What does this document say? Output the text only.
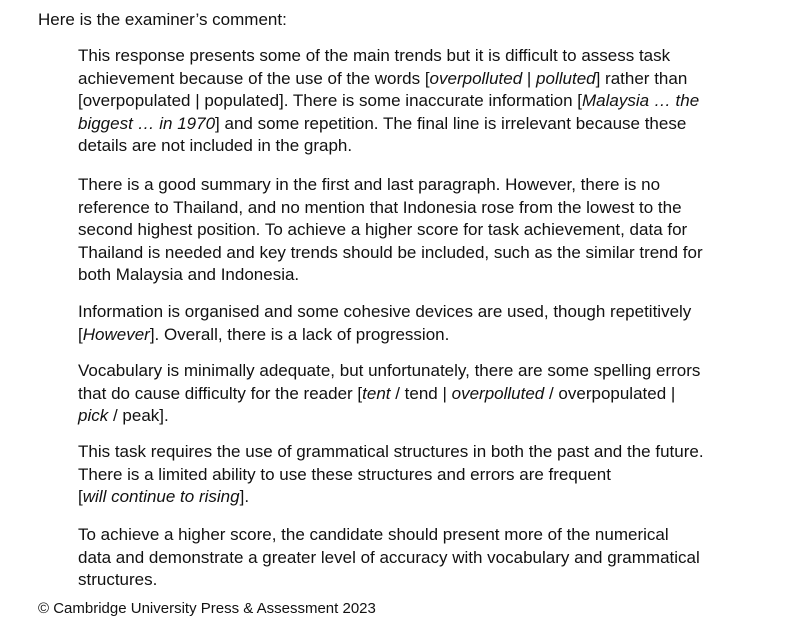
Here is the examiner’s comment:

This response presents some of the main trends but it is difficult to assess task
achievement because of the use of the words [overpolluted | polluted] rather than
[overpopulated | populated]. There is some inaccurate information [Malaysia … the
biggest … in 1970] and some repetition. The final line is irrelevant because these
details are not included in the graph.

There is a good summary in the first and last paragraph. However, there is no
reference to Thailand, and no mention that Indonesia rose from the lowest to the
second highest position. To achieve a higher score for task achievement, data for
Thailand is needed and key trends should be included, such as the similar trend for
both Malaysia and Indonesia.

Information is organised and some cohesive devices are used, though repetitively
[However]. Overall, there is a lack of progression.

Vocabulary is minimally adequate, but unfortunately, there are some spelling errors
that do cause difficulty for the reader [tent / tend | overpolluted / overpopulated |
pick / peak].

This task requires the use of grammatical structures in both the past and the future.
There is a limited ability to use these structures and errors are frequent
[will continue to rising].

To achieve a higher score, the candidate should present more of the numerical
data and demonstrate a greater level of accuracy with vocabulary and grammatical
structures.

© Cambridge University Press & Assessment 2023
